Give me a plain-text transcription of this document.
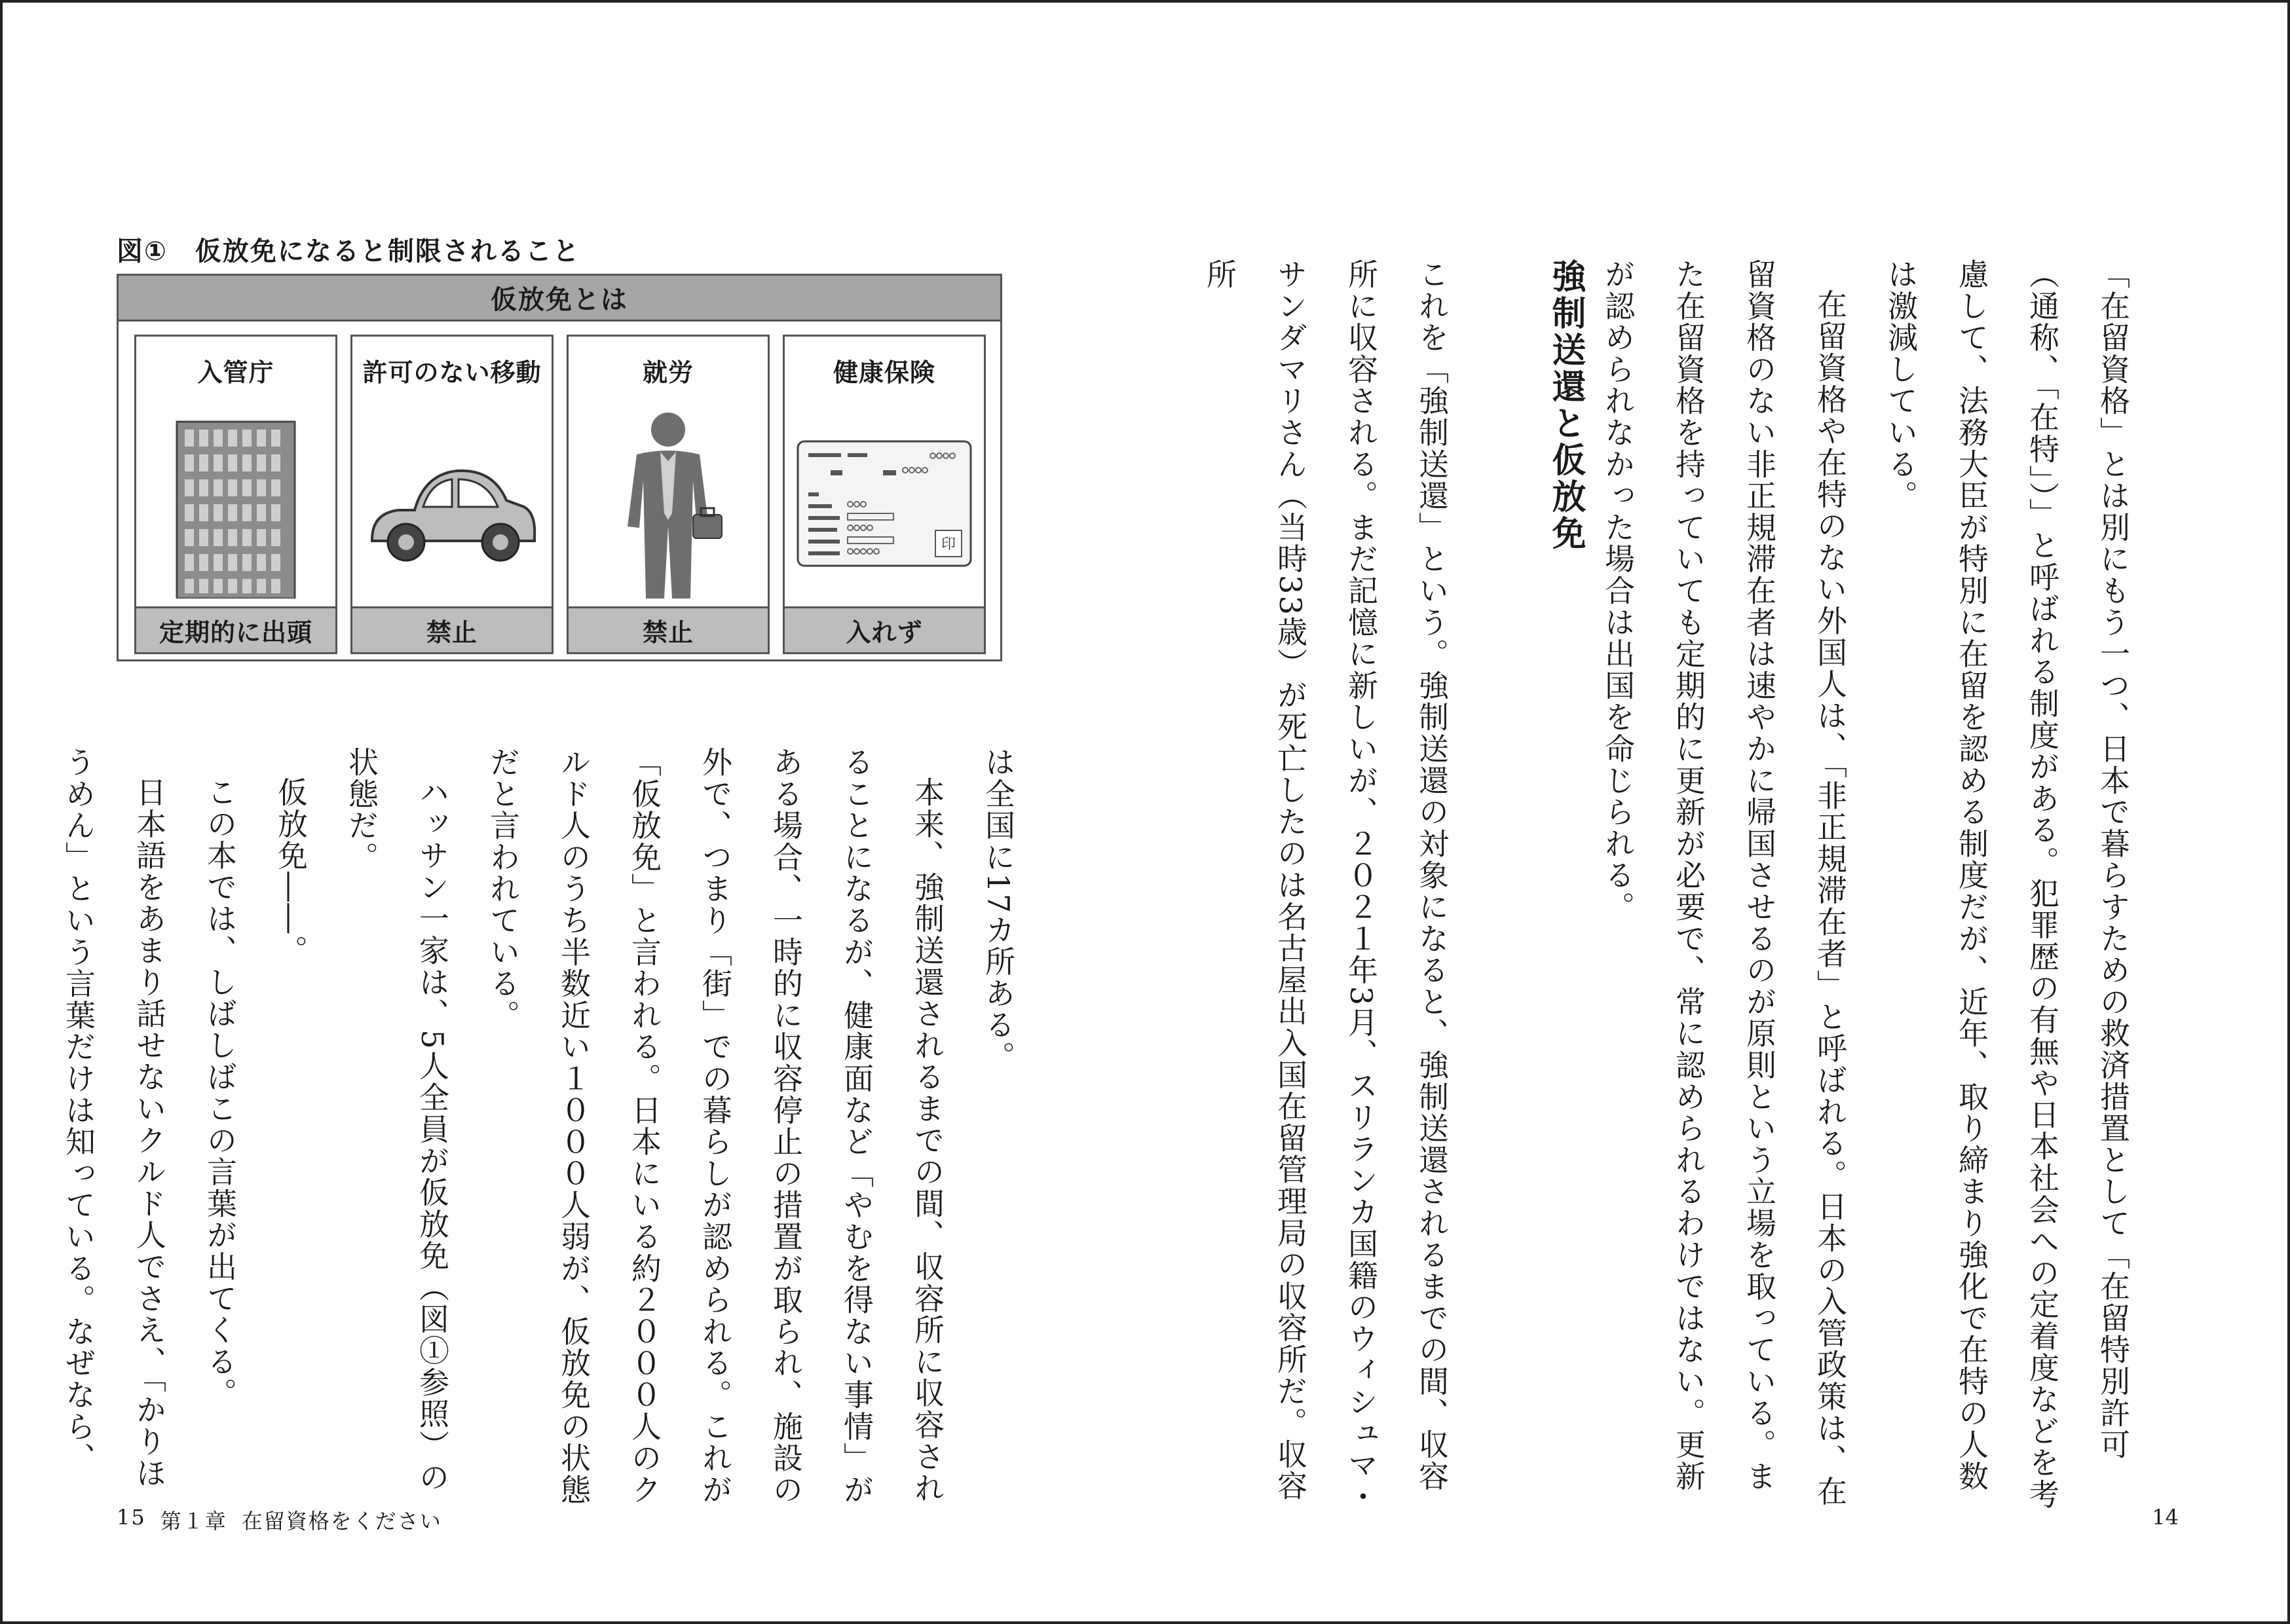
「在留資格」とは別にもう一つ、日本で暮らすための救済措置として「在留特別許可（通称、「在特」）」と呼ばれる制度がある。犯罪歴の有無や日本社会への定着度などを考慮して、法務大臣が特別に在留を認める制度だが、近年、取り締まり強化で在特の人数は激減している。

在留資格や在特のない外国人は、「非正規滞在者」と呼ばれる。日本の入管政策は、在留資格のない非正規滞在者は速やかに帰国させるのが原則という立場を取っている。また在留資格を持っていても定期的に更新が必要で、常に認められるわけではない。更新が認められなかった場合は出国を命じられる。

強制送還と仮放免

これを「強制送還」という。強制送還の対象になると、強制送還されるまでの間、収容所に収容される。まだ記憶に新しいが、２０２１年3月、スリランカ国籍のウィシュマ・サンダマリさん（当時33歳）が死亡したのは名古屋出入国在留管理局の収容所だ。収容所

図①　仮放免になると制限されること
仮放免とは
入管庁
定期的に出頭
許可のない移動
禁止
就労
禁止
健康保険
印
入れず

は全国に17カ所ある。

本来、強制送還されるまでの間、収容所に収容されることになるが、健康面など「やむを得ない事情」がある場合、一時的に収容停止の措置が取られ、施設の外で、つまり「街」での暮らしが認められる。これが「仮放免」と言われる。日本にいる約２０００人のクルド人のうち半数近い１０００人弱が、仮放免の状態だと言われている。

ハッサン一家は、5人全員が仮放免（図①参照）の状態だ。

仮放免――。

この本では、しばしばこの言葉が出てくる。

日本語をあまり話せないクルド人でさえ、「かりほうめん」という言葉だけは知っている。なぜなら、

15 第１章 在留資格をください	14
